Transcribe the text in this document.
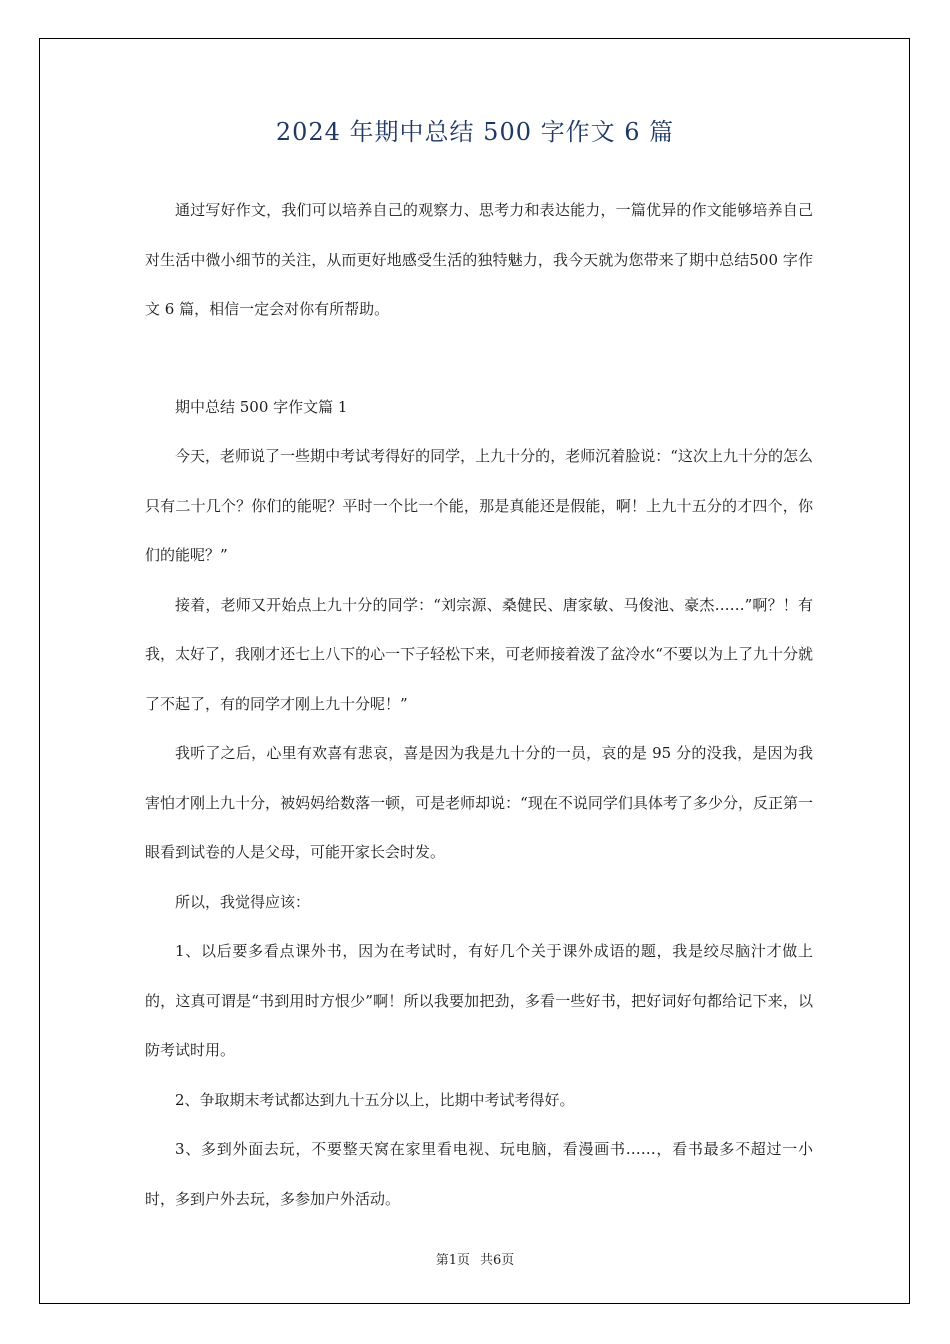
2024 年期中总结 500 字作文 6 篇

通过写好作文，我们可以培养自己的观察力、思考力和表达能力，一篇优异的作文能够培养自己对生活中微小细节的关注，从而更好地感受生活的独特魅力，我今天就为您带来了期中总结500 字作文 6 篇，相信一定会对你有所帮助。

期中总结 500 字作文篇 1

今天，老师说了一些期中考试考得好的同学，上九十分的，老师沉着脸说：“这次上九十分的怎么只有二十几个？你们的能呢？平时一个比一个能，那是真能还是假能，啊！上九十五分的才四个，你们的能呢？”

接着，老师又开始点上九十分的同学：“刘宗源、桑健民、唐家敏、马俊池、豪杰……”啊？！有我，太好了，我刚才还七上八下的心一下子轻松下来，可老师接着泼了盆冷水“不要以为上了九十分就了不起了，有的同学才刚上九十分呢！”

我听了之后，心里有欢喜有悲哀，喜是因为我是九十分的一员，哀的是 95 分的没我，是因为我害怕才刚上九十分，被妈妈给数落一顿，可是老师却说：“现在不说同学们具体考了多少分，反正第一眼看到试卷的人是父母，可能开家长会时发。

所以，我觉得应该：

1、以后要多看点课外书，因为在考试时，有好几个关于课外成语的题，我是绞尽脑汁才做上的，这真可谓是“书到用时方恨少”啊！所以我要加把劲，多看一些好书，把好词好句都给记下来，以防考试时用。

2、争取期末考试都达到九十五分以上，比期中考试考得好。

3、多到外面去玩，不要整天窝在家里看电视、玩电脑，看漫画书……，看书最多不超过一小时，多到户外去玩，多参加户外活动。

第1页 共6页
